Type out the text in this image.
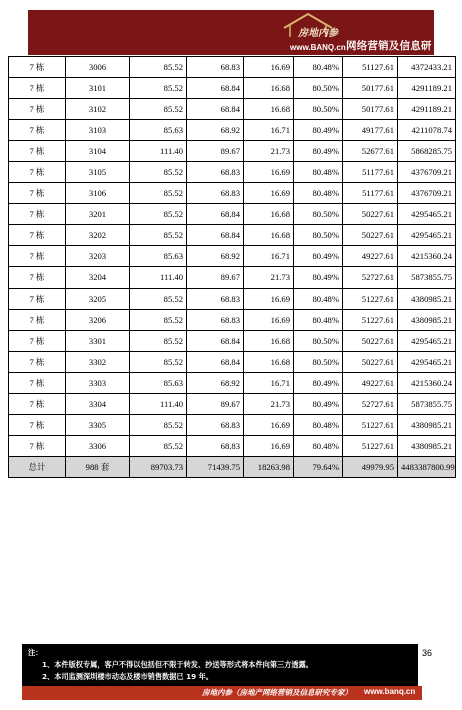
房地内参
www.BANQ.cn 网络营销及信息研究专家
7 栋	3006	85.52	68.83	16.69	80.48%	51127.61	4372433.21
7 栋	3101	85.52	68.84	16.68	80.50%	50177.61	4291189.21
7 栋	3102	85.52	68.84	16.68	80.50%	50177.61	4291189.21
7 栋	3103	85.63	68.92	16.71	80.49%	49177.61	4211078.74
7 栋	3104	111.40	89.67	21.73	80.49%	52677.61	5868285.75
7 栋	3105	85.52	68.83	16.69	80.48%	51177.61	4376709.21
7 栋	3106	85.52	68.83	16.69	80.48%	51177.61	4376709.21
7 栋	3201	85.52	68.84	16.68	80.50%	50227.61	4295465.21
7 栋	3202	85.52	68.84	16.68	80.50%	50227.61	4295465.21
7 栋	3203	85.63	68.92	16.71	80.49%	49227.61	4215360.24
7 栋	3204	111.40	89.67	21.73	80.49%	52727.61	5873855.75
7 栋	3205	85.52	68.83	16.69	80.48%	51227.61	4380985.21
7 栋	3206	85.52	68.83	16.69	80.48%	51227.61	4380985.21
7 栋	3301	85.52	68.84	16.68	80.50%	50227.61	4295465.21
7 栋	3302	85.52	68.84	16.68	80.50%	50227.61	4295465.21
7 栋	3303	85.63	68.92	16.71	80.49%	49227.61	4215360.24
7 栋	3304	111.40	89.67	21.73	80.49%	52727.61	5873855.75
7 栋	3305	85.52	68.83	16.69	80.48%	51227.61	4380985.21
7 栋	3306	85.52	68.83	16.69	80.48%	51227.61	4380985.21
总计	988 套	89703.73	71439.75	18263.98	79.64%	49979.95	4483387800.99
36
注：
1、本件版权专属，客户不得以包括但不限于转发、抄送等形式将本件向第三方透露。
2、本司监测深圳楼市动态及楼市销售数据已 19 年。
房地内参（房地产网络营销及信息研究专家） www.banq.cn
